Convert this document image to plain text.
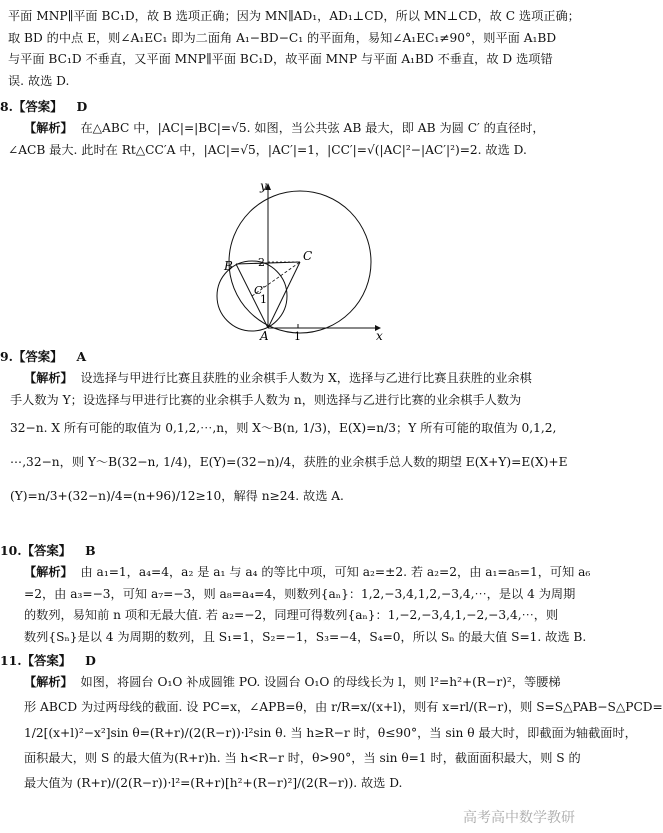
平面 MNP∥平面 BC₁D，故 B 选项正确；因为 MN∥AD₁，AD₁⊥CD，所以 MN⊥CD，故 C 选项正确；

取 BD 的中点 E，则∠A₁EC₁ 即为二面角 A₁−BD−C₁ 的平面角，易知∠A₁EC₁≠90°，则平面 A₁BD

与平面 BC₁D 不垂直，又平面 MNP∥平面 BC₁D，故平面 MNP 与平面 A₁BD 不垂直，故 D 选项错

误. 故选 D.

8.【答案】 D

【解析】 在△ABC 中，|AC|=|BC|=√5. 如图，当公共弦 AB 最大，即 AB 为圆 C′ 的直径时，

∠ACB 最大. 此时在 Rt△CC′A 中，|AC|=√5，|AC′|=1，|CC′|=√(|AC|²−|AC′|²)=2. 故选 D.

y
x
B
C
C′
A
2
1
1

9.【答案】 A

【解析】 设选择与甲进行比赛且获胜的业余棋手人数为 X，选择与乙进行比赛且获胜的业余棋

手人数为 Y；设选择与甲进行比赛的业余棋手人数为 n，则选择与乙进行比赛的业余棋手人数为

32−n. X 所有可能的取值为 0,1,2,⋯,n，则 X～B(n, 1/3)，E(X)=n/3；Y 所有可能的取值为 0,1,2,

⋯,32−n，则 Y～B(32−n, 1/4)，E(Y)=(32−n)/4，获胜的业余棋手总人数的期望 E(X+Y)=E(X)+E

(Y)=n/3+(32−n)/4=(n+96)/12≥10，解得 n≥24. 故选 A.

10.【答案】 B

【解析】 由 a₁=1，a₄=4，a₂ 是 a₁ 与 a₄ 的等比中项，可知 a₂=±2. 若 a₂=2，由 a₁=a₅=1，可知 a₆

=2，由 a₃=−3，可知 a₇=−3，则 a₈=a₄=4，则数列{aₙ}：1,2,−3,4,1,2,−3,4,⋯，是以 4 为周期

的数列，易知前 n 项和无最大值. 若 a₂=−2，同理可得数列{aₙ}：1,−2,−3,4,1,−2,−3,4,⋯，则

数列{Sₙ}是以 4 为周期的数列，且 S₁=1，S₂=−1，S₃=−4，S₄=0，所以 Sₙ 的最大值 S=1. 故选 B.

11.【答案】 D

【解析】 如图，将圆台 O₁O 补成圆锥 PO. 设圆台 O₁O 的母线长为 l，则 l²=h²+(R−r)²，等腰梯

形 ABCD 为过两母线的截面. 设 PC=x，∠APB=θ，由 r/R=x/(x+l)，则有 x=rl/(R−r)，则 S=S△PAB−S△PCD=

1/2[(x+l)²−x²]sin θ=(R+r)/(2(R−r))·l²sin θ. 当 h≥R−r 时，θ≤90°，当 sin θ 最大时，即截面为轴截面时，

面积最大，则 S 的最大值为(R+r)h. 当 h<R−r 时，θ>90°，当 sin θ=1 时，截面面积最大，则 S 的

最大值为 (R+r)/(2(R−r))·l²=(R+r)[h²+(R−r)²]/(2(R−r)). 故选 D.

高考高中数学教研
